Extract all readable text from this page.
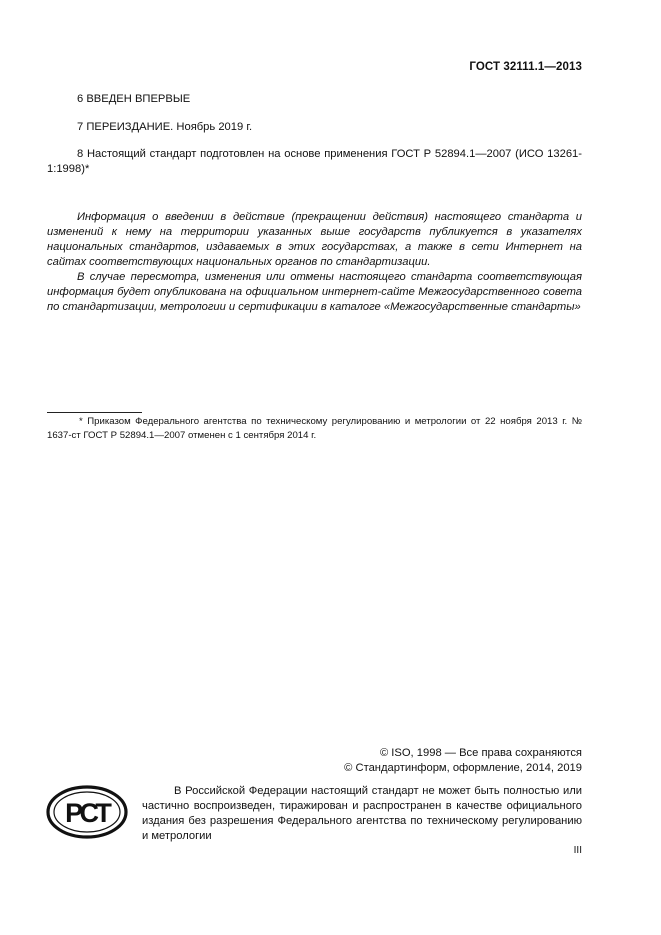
ГОСТ 32111.1—2013
6 ВВЕДЕН ВПЕРВЫЕ
7 ПЕРЕИЗДАНИЕ. Ноябрь 2019 г.
8 Настоящий стандарт подготовлен на основе применения ГОСТ Р 52894.1—2007 (ИСО 13261-1:1998)*
Информация о введении в действие (прекращении действия) настоящего стандарта и изменений к нему на территории указанных выше государств публикуется в указателях национальных стандартов, издаваемых в этих государствах, а также в сети Интернет на сайтах соответствующих национальных органов по стандартизации.
В случае пересмотра, изменения или отмены настоящего стандарта соответствующая информация будет опубликована на официальном интернет-сайте Межгосударственного совета по стандартизации, метрологии и сертификации в каталоге «Межгосударственные стандарты»
* Приказом Федерального агентства по техническому регулированию и метрологии от 22 ноября 2013 г. № 1637-ст ГОСТ Р 52894.1—2007 отменен с 1 сентября 2014 г.
© ISO, 1998 — Все права сохраняются
© Стандартинформ, оформление, 2014, 2019
РСТ
В Российской Федерации настоящий стандарт не может быть полностью или частично воспроизведен, тиражирован и распространен в качестве официального издания без разрешения Федерального агентства по техническому регулированию и метрологии
III
